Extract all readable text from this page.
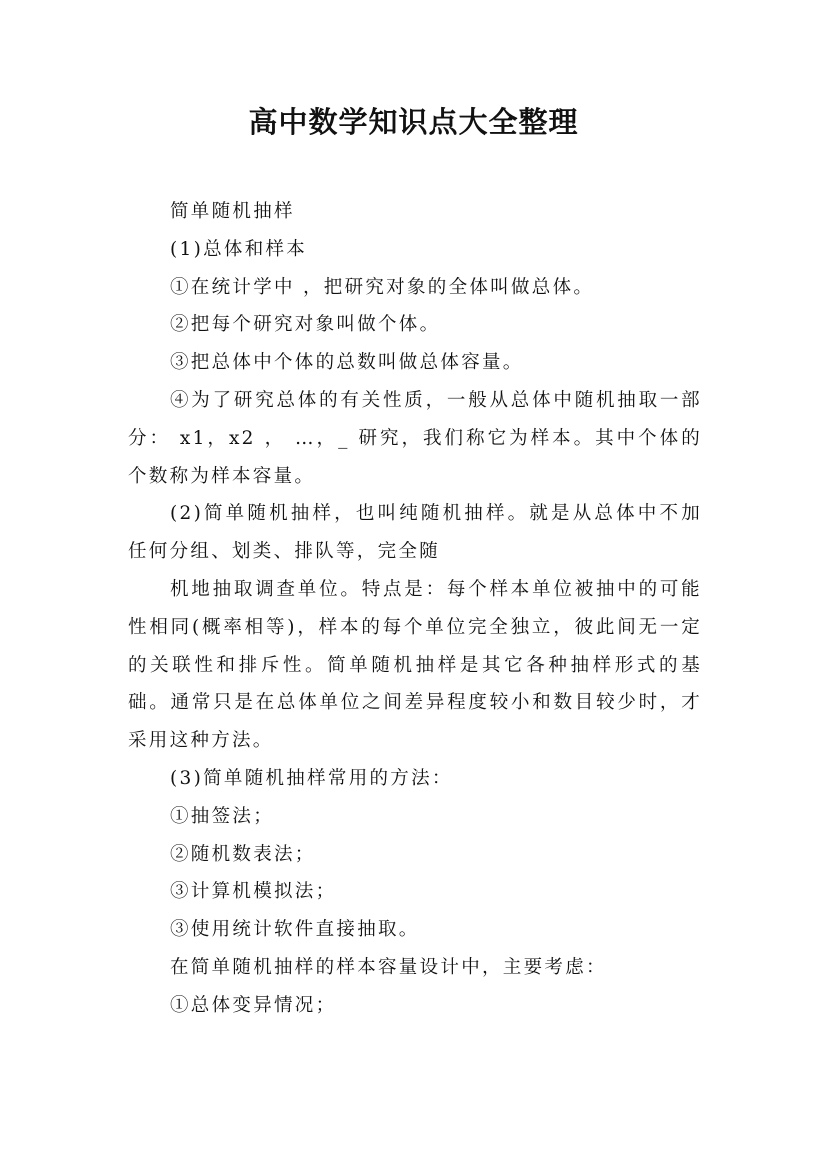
高中数学知识点大全整理

简单随机抽样

(1)总体和样本

①在统计学中 ，把研究对象的全体叫做总体。

②把每个研究对象叫做个体。

③把总体中个体的总数叫做总体容量。

④为了研究总体的有关性质，一般从总体中随机抽取一部分： x1，x2 ， …，_ 研究，我们称它为样本。其中个体的个数称为样本容量。

(2)简单随机抽样，也叫纯随机抽样。就是从总体中不加任何分组、划类、排队等，完全随

机地抽取调查单位。特点是：每个样本单位被抽中的可能性相同(概率相等)，样本的每个单位完全独立，彼此间无一定的关联性和排斥性。简单随机抽样是其它各种抽样形式的基础。通常只是在总体单位之间差异程度较小和数目较少时，才采用这种方法。

(3)简单随机抽样常用的方法：

①抽签法；

②随机数表法；

③计算机模拟法；

③使用统计软件直接抽取。

在简单随机抽样的样本容量设计中，主要考虑：

①总体变异情况；
